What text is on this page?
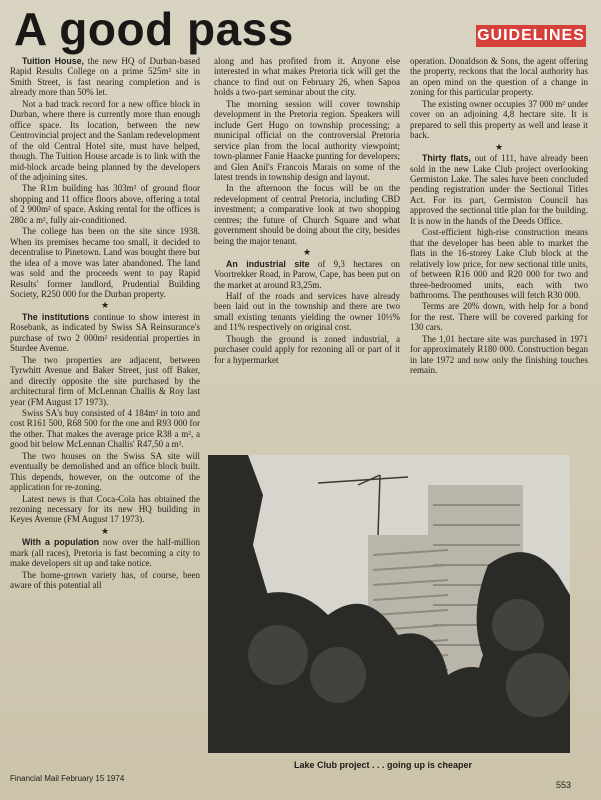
A good pass	GUIDELINES

Tuition House, the new HQ of Durban-based Rapid Results College on a prime 525m² site in Smith Street, is fast nearing completion and is already more than 50% let.

Not a bad track record for a new office block in Durban, where there is currently more than enough office space. Its location, between the new Centrovincial project and the Sanlam redevelopment of the old Central Hotel site, must have helped, though. The Tuition House arcade is to link with the mid-block arcade being planned by the developers of the adjoining sites.

The R1m building has 303m² of ground floor shopping and 11 office floors above, offering a total of 2 900m² of space. Asking rental for the offices is 280c a m², fully air-conditioned.

The college has been on the site since 1938. When its premises became too small, it decided to decentralise to Pinetown. Land was bought there but the idea of a move was later abandoned. The land was sold and the proceeds went to pay Rapid Results' former landlord, Prudential Building Society, R250 000 for the Durban property.

★

The institutions continue to show interest in Rosebank, as indicated by Swiss SA Reinsurance's purchase of two 2 000m² residential properties in Sturdee Avenue.

The two properties are adjacent, between Tyrwhitt Avenue and Baker Street, just off Baker, and directly opposite the site purchased by the architectural firm of McLennan Challis & Roy last year (FM August 17 1973).

Swiss SA's buy consisted of 4 184m² in toto and cost R161 500, R68 500 for the one and R93 000 for the other. That makes the average price R38 a m², a good bit below McLennan Challis' R47,50 a m².

The two houses on the Swiss SA site will eventually be demolished and an office block built. This depends, however, on the outcome of the application for re-zoning.

Latest news is that Coca-Cola has obtained the rezoning necessary for its new HQ building in Keyes Avenue (FM August 17 1973).

★

With a population now over the half-million mark (all races), Pretoria is fast becoming a city to make developers sit up and take notice.

The home-grown variety has, of course, been aware of this potential all

along and has profited from it. Anyone else interested in what makes Pretoria tick will get the chance to find out on February 26, when Sapoa holds a two-part seminar about the city.

The morning session will cover township development in the Pretoria region. Speakers will include Gert Hugo on township processing; a municipal official on the controversial Pretoria service plan from the local authority viewpoint; town-planner Fanie Haacke punting for developers; and Glen Anil's Francois Marais on some of the latest trends in township design and layout.

In the afternoon the focus will be on the redevelopment of central Pretoria, including CBD investment; a comparative look at two shopping centres; the future of Church Square and what government should be doing about the city, besides being the major tenant.

★

An industrial site of 9,3 hectares on Voortrekker Road, in Parow, Cape, has been put on the market at around R3,25m.

Half of the roads and services have already been laid out in the township and there are two small existing tenants yielding the owner 10½% and 11% respectively on original cost.

Though the ground is zoned industrial, a purchaser could apply for rezoning all or part of it for a hypermarket

operation. Donaldson & Sons, the agent offering the property, reckons that the local authority has an open mind on the question of a change in zoning for this particular property.

The existing owner occupies 37 000 m² under cover on an adjoining 4,8 hectare site. It is prepared to sell this property as well and lease it back.

★

Thirty flats, out of 111, have already been sold in the new Lake Club project overlooking Germiston Lake. The sales have been concluded pending registration under the Sectional Titles Act. For its part, Germiston Council has approved the sectional title plan for the building. It is now in the hands of the Deeds Office.

Cost-efficient high-rise construction means that the developer has been able to market the flats in the 16-storey Lake Club block at the relatively low price, for new sectional title units, of between R16 000 and R20 000 for two and three-bedroomed units, each with two bathrooms. The penthouses will fetch R30 000.

Terms are 20% down, with help for a bond for the rest. There will be covered parking for 130 cars.

The 1,01 hectare site was purchased in 1971 for approximately R180 000. Construction began in late 1972 and now only the finishing touches remain.

Lake Club project . . . going up is cheaper
Financial Mail February 15 1974
553
